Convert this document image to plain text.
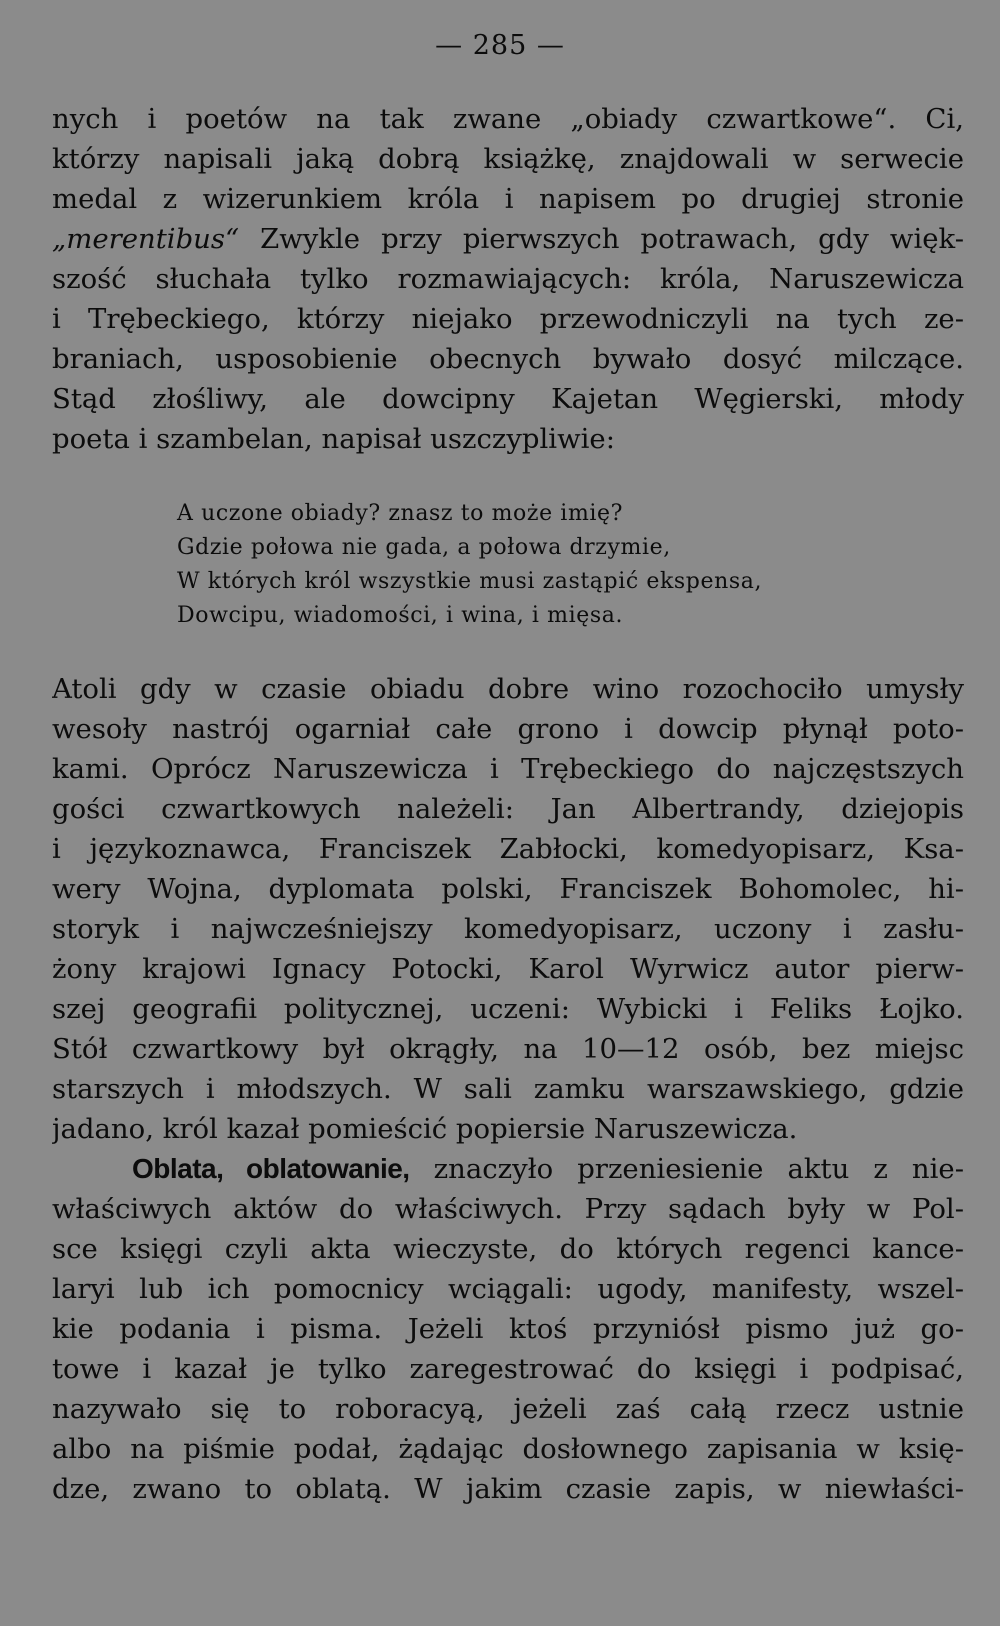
— 285 —
nych i poetów na tak zwane „obiady czwartkowe“. Ci,
którzy napisali jaką dobrą książkę, znajdowali w serwecie
medal z wizerunkiem króla i napisem po drugiej stronie
„merentibus“ Zwykle przy pierwszych potrawach, gdy więk-
szość słuchała tylko rozmawiających: króla, Naruszewicza
i Trębeckiego, którzy niejako przewodniczyli na tych ze-
braniach, usposobienie obecnych bywało dosyć milczące.
Stąd złośliwy, ale dowcipny Kajetan Węgierski, młody
poeta i szambelan, napisał uszczypliwie:
A uczone obiady? znasz to może imię?
Gdzie połowa nie gada, a połowa drzymie,
W których król wszystkie musi zastąpić ekspensa,
Dowcipu, wiadomości, i wina, i mięsa.
Atoli gdy w czasie obiadu dobre wino rozochociło umysły
wesoły nastrój ogarniał całe grono i dowcip płynął poto-
kami. Oprócz Naruszewicza i Trębeckiego do najczęstszych
gości czwartkowych należeli: Jan Albertrandy, dziejopis
i językoznawca, Franciszek Zabłocki, komedyopisarz, Ksa-
wery Wojna, dyplomata polski, Franciszek Bohomolec, hi-
storyk i najwcześniejszy komedyopisarz, uczony i zasłu-
żony krajowi Ignacy Potocki, Karol Wyrwicz autor pierw-
szej geografii politycznej, uczeni: Wybicki i Feliks Łojko.
Stół czwartkowy był okrągły, na 10—12 osób, bez miejsc
starszych i młodszych. W sali zamku warszawskiego, gdzie
jadano, król kazał pomieścić popiersie Naruszewicza.
Oblata, oblatowanie, znaczyło przeniesienie aktu z nie-
właściwych aktów do właściwych. Przy sądach były w Pol-
sce księgi czyli akta wieczyste, do których regenci kance-
laryi lub ich pomocnicy wciągali: ugody, manifesty, wszel-
kie podania i pisma. Jeżeli ktoś przyniósł pismo już go-
towe i kazał je tylko zaregestrować do księgi i podpisać,
nazywało się to roboracyą, jeżeli zaś całą rzecz ustnie
albo na piśmie podał, żądając dosłownego zapisania w księ-
dze, zwano to oblatą. W jakim czasie zapis, w niewłaści-
